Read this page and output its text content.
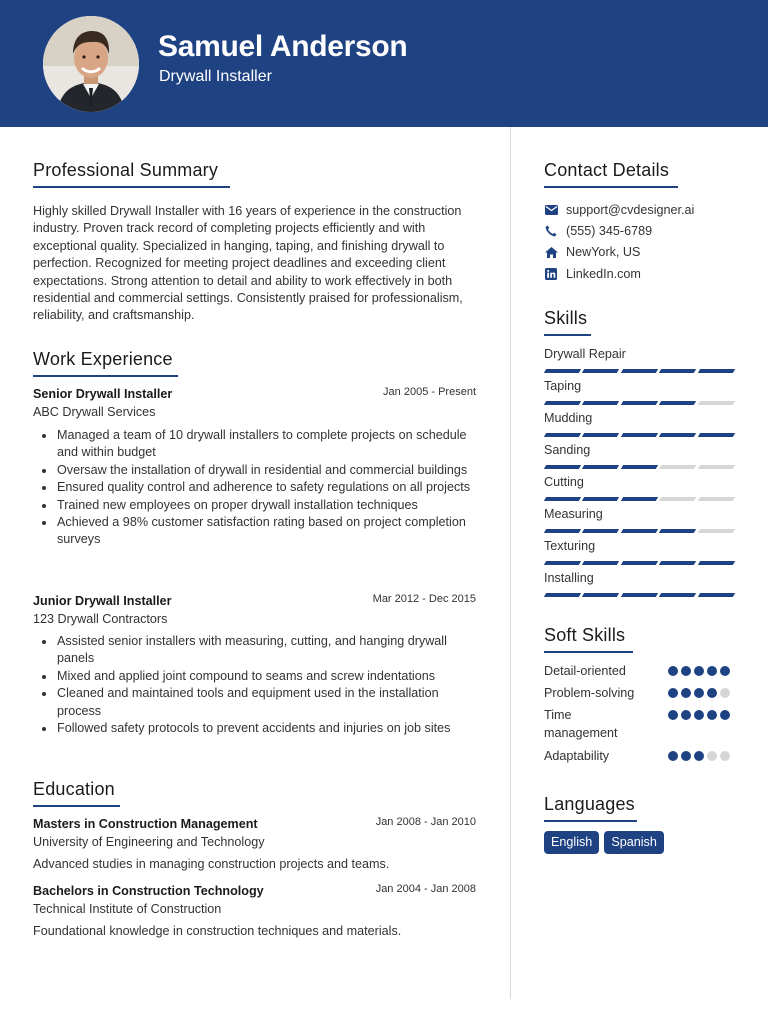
Samuel Anderson
Drywall Installer
Professional Summary
Highly skilled Drywall Installer with 16 years of experience in the construction industry. Proven track record of completing projects efficiently and with exceptional quality. Specialized in hanging, taping, and finishing drywall to perfection. Recognized for meeting project deadlines and exceeding client expectations. Strong attention to detail and ability to work effectively in both residential and commercial settings. Consistently praised for professionalism, reliability, and craftsmanship.
Work Experience
Senior Drywall Installer	Jan 2005 - Present
ABC Drywall Services
Managed a team of 10 drywall installers to complete projects on schedule and within budget
Oversaw the installation of drywall in residential and commercial buildings
Ensured quality control and adherence to safety regulations on all projects
Trained new employees on proper drywall installation techniques
Achieved a 98% customer satisfaction rating based on project completion surveys
Junior Drywall Installer	Mar 2012 - Dec 2015
123 Drywall Contractors
Assisted senior installers with measuring, cutting, and hanging drywall panels
Mixed and applied joint compound to seams and screw indentations
Cleaned and maintained tools and equipment used in the installation process
Followed safety protocols to prevent accidents and injuries on job sites
Education
Masters in Construction Management	Jan 2008 - Jan 2010
University of Engineering and Technology
Advanced studies in managing construction projects and teams.
Bachelors in Construction Technology	Jan 2004 - Jan 2008
Technical Institute of Construction
Foundational knowledge in construction techniques and materials.
Contact Details
support@cvdesigner.ai
(555) 345-6789
NewYork, US
LinkedIn.com
Skills
Drywall Repair
Taping
Mudding
Sanding
Cutting
Measuring
Texturing
Installing
Soft Skills
Detail-oriented
Problem-solving
Time management
Adaptability
Languages
English	Spanish
